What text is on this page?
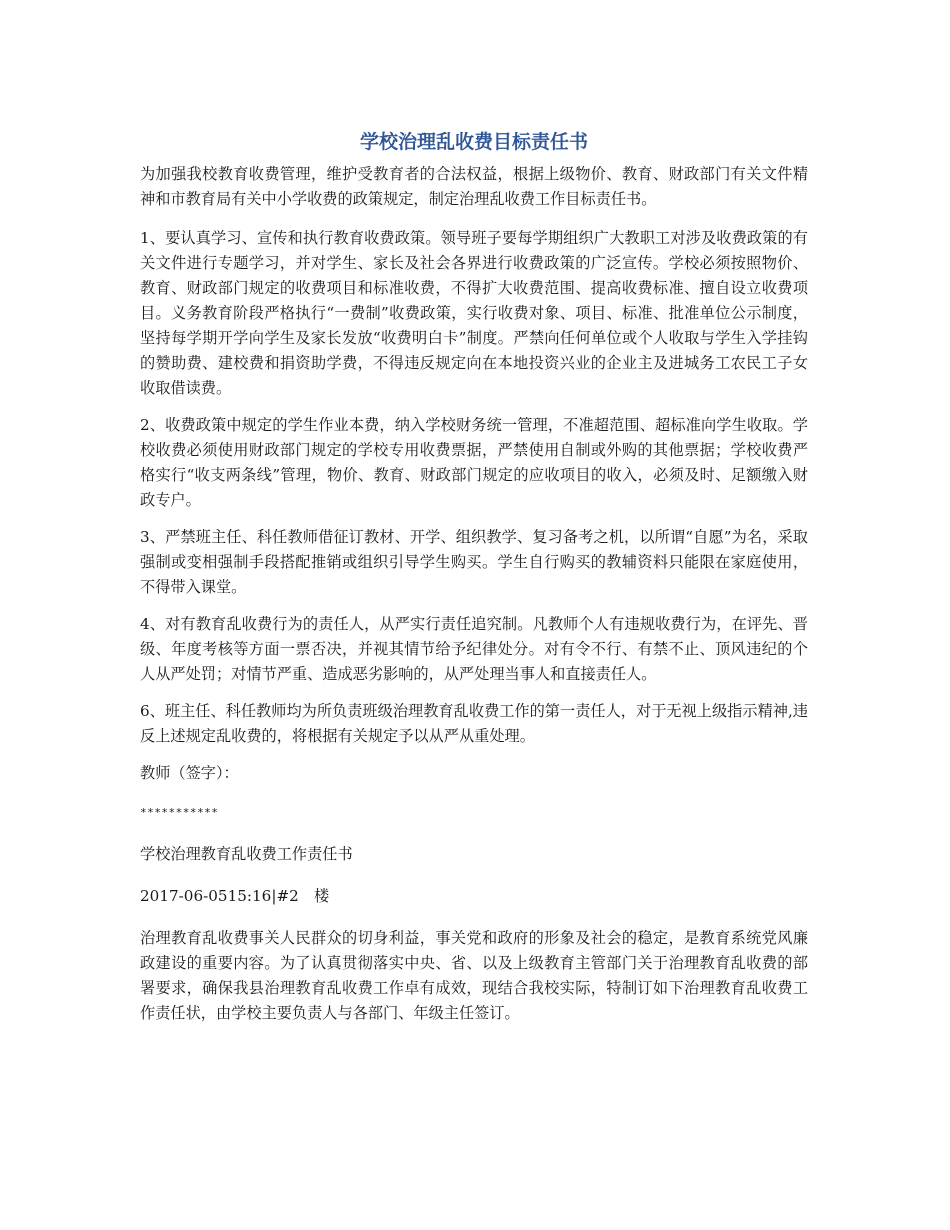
学校治理乱收费目标责任书

为加强我校教育收费管理，维护受教育者的合法权益，根据上级物价、教育、财政部门有关文件精神和市教育局有关中小学收费的政策规定，制定治理乱收费工作目标责任书。

1、要认真学习、宣传和执行教育收费政策。领导班子要每学期组织广大教职工对涉及收费政策的有关文件进行专题学习，并对学生、家长及社会各界进行收费政策的广泛宣传。学校必须按照物价、教育、财政部门规定的收费项目和标准收费，不得扩大收费范围、提高收费标准、擅自设立收费项目。义务教育阶段严格执行“一费制”收费政策，实行收费对象、项目、标准、批准单位公示制度，坚持每学期开学向学生及家长发放“收费明白卡”制度。严禁向任何单位或个人收取与学生入学挂钩的赞助费、建校费和捐资助学费，不得违反规定向在本地投资兴业的企业主及进城务工农民工子女收取借读费。

2、收费政策中规定的学生作业本费，纳入学校财务统一管理，不准超范围、超标准向学生收取。学校收费必须使用财政部门规定的学校专用收费票据，严禁使用自制或外购的其他票据；学校收费严格实行“收支两条线”管理，物价、教育、财政部门规定的应收项目的收入，必须及时、足额缴入财政专户。

3、严禁班主任、科任教师借征订教材、开学、组织教学、复习备考之机，以所谓“自愿”为名，采取强制或变相强制手段搭配推销或组织引导学生购买。学生自行购买的教辅资料只能限在家庭使用，不得带入课堂。

4、对有教育乱收费行为的责任人，从严实行责任追究制。凡教师个人有违规收费行为，在评先、晋级、年度考核等方面一票否决，并视其情节给予纪律处分。对有令不行、有禁不止、顶风违纪的个人从严处罚；对情节严重、造成恶劣影响的，从严处理当事人和直接责任人。

6、班主任、科任教师均为所负责班级治理教育乱收费工作的第一责任人，对于无视上级指示精神,违反上述规定乱收费的，将根据有关规定予以从严从重处理。

教师（签字）：

***********

学校治理教育乱收费工作责任书

2017-06-0515:16|#2　楼

治理教育乱收费事关人民群众的切身利益，事关党和政府的形象及社会的稳定，是教育系统党风廉政建设的重要内容。为了认真贯彻落实中央、省、以及上级教育主管部门关于治理教育乱收费的部署要求，确保我县治理教育乱收费工作卓有成效，现结合我校实际，特制订如下治理教育乱收费工作责任状，由学校主要负责人与各部门、年级主任签订。
